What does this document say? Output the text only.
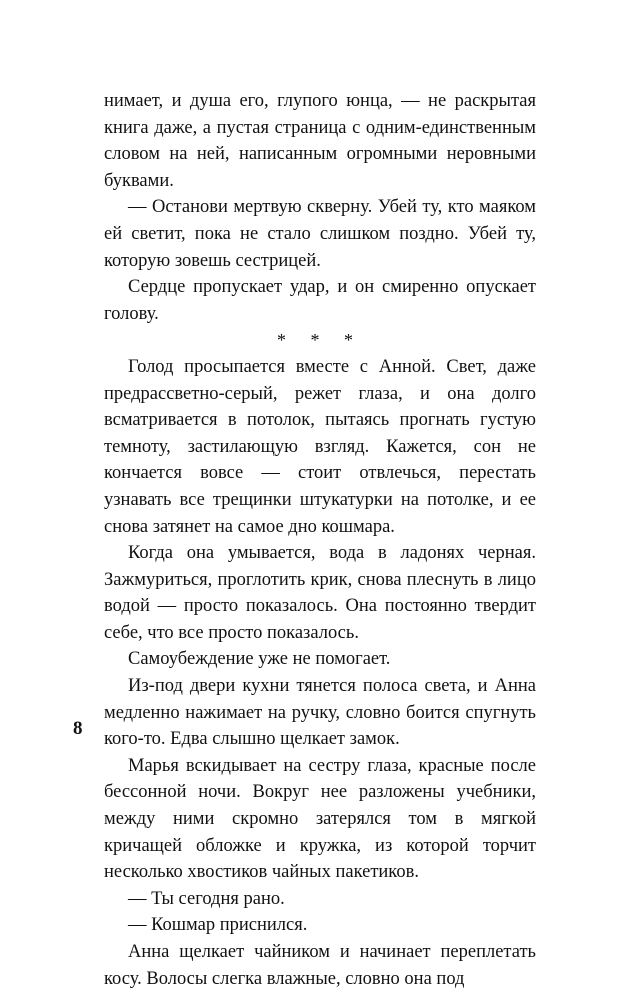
нимает, и душа его, глупого юнца, — не раскрытая книга даже, а пустая страница с одним-единственным словом на ней, написанным огромными неровными буквами.

— Останови мертвую скверну. Убей ту, кто маяком ей светит, пока не стало слишком поздно. Убей ту, которую зовешь сестрицей.

Сердце пропускает удар, и он смиренно опускает голову.

* * *

Голод просыпается вместе с Анной. Свет, даже предрассветно-серый, режет глаза, и она долго всматривается в потолок, пытаясь прогнать густую темноту, застилающую взгляд. Кажется, сон не кончается вовсе — стоит отвлечься, перестать узнавать все трещинки штукатурки на потолке, и ее снова затянет на самое дно кошмара.

Когда она умывается, вода в ладонях черная. Зажмуриться, проглотить крик, снова плеснуть в лицо водой — просто показалось. Она постоянно твердит себе, что все просто показалось.

Самоубеждение уже не помогает.

Из-под двери кухни тянется полоса света, и Анна медленно нажимает на ручку, словно боится спугнуть кого-то. Едва слышно щелкает замок.

Марья вскидывает на сестру глаза, красные после бессонной ночи. Вокруг нее разложены учебники, между ними скромно затерялся том в мягкой кричащей обложке и кружка, из которой торчит несколько хвостиков чайных пакетиков.

— Ты сегодня рано.

— Кошмар приснился.

Анна щелкает чайником и начинает переплетать косу. Волосы слегка влажные, словно она под

8
